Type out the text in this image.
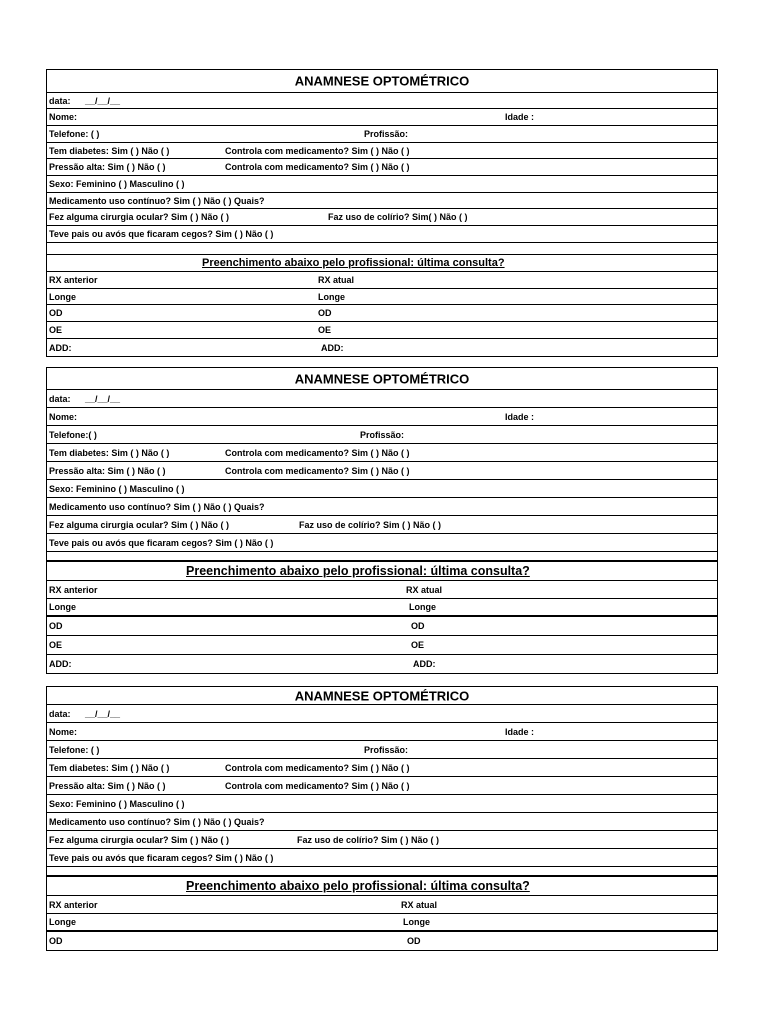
ANAMNESE OPTOMÉTRICO
data: __/__/__
Nome:	Idade :
Telefone: ( )	Profissão:
Tem diabetes: Sim ( ) Não ( )	Controla com medicamento? Sim ( ) Não ( )
Pressão alta: Sim ( ) Não ( )	Controla com medicamento? Sim ( ) Não ( )
Sexo: Feminino ( ) Masculino ( )
Medicamento uso contínuo? Sim ( ) Não ( ) Quais?
Fez alguma cirurgia ocular? Sim ( ) Não ( )	Faz uso de colírio? Sim( ) Não ( )
Teve pais ou avós que ficaram cegos? Sim ( ) Não ( )
Preenchimento abaixo pelo profissional: última consulta?
RX anterior	RX atual
Longe	Longe
OD	OD
OE	OE
ADD:	ADD:
ANAMNESE OPTOMÉTRICO
data: __/__/__
Nome:	Idade :
Telefone:( )	Profissão:
Tem diabetes: Sim ( ) Não ( )	Controla com medicamento? Sim ( ) Não ( )
Pressão alta: Sim ( ) Não ( )	Controla com medicamento? Sim ( ) Não ( )
Sexo: Feminino ( ) Masculino ( )
Medicamento uso contínuo? Sim ( ) Não ( ) Quais?
Fez alguma cirurgia ocular? Sim ( ) Não ( )	Faz uso de colírio? Sim ( ) Não ( )
Teve pais ou avós que ficaram cegos? Sim ( ) Não ( )
Preenchimento abaixo pelo profissional: última consulta?
RX anterior	RX atual
Longe	Longe
OD	OD
OE	OE
ADD:	ADD:
ANAMNESE OPTOMÉTRICO
data: __/__/__
Nome:	Idade :
Telefone: ( )	Profissão:
Tem diabetes: Sim ( ) Não ( )	Controla com medicamento? Sim ( ) Não ( )
Pressão alta: Sim ( ) Não ( )	Controla com medicamento? Sim ( ) Não ( )
Sexo: Feminino ( ) Masculino ( )
Medicamento uso contínuo? Sim ( ) Não ( ) Quais?
Fez alguma cirurgia ocular? Sim ( ) Não ( )	Faz uso de colírio? Sim ( ) Não ( )
Teve pais ou avós que ficaram cegos? Sim ( ) Não ( )
Preenchimento abaixo pelo profissional: última consulta?
RX anterior	RX atual
Longe	Longe
OD	OD
